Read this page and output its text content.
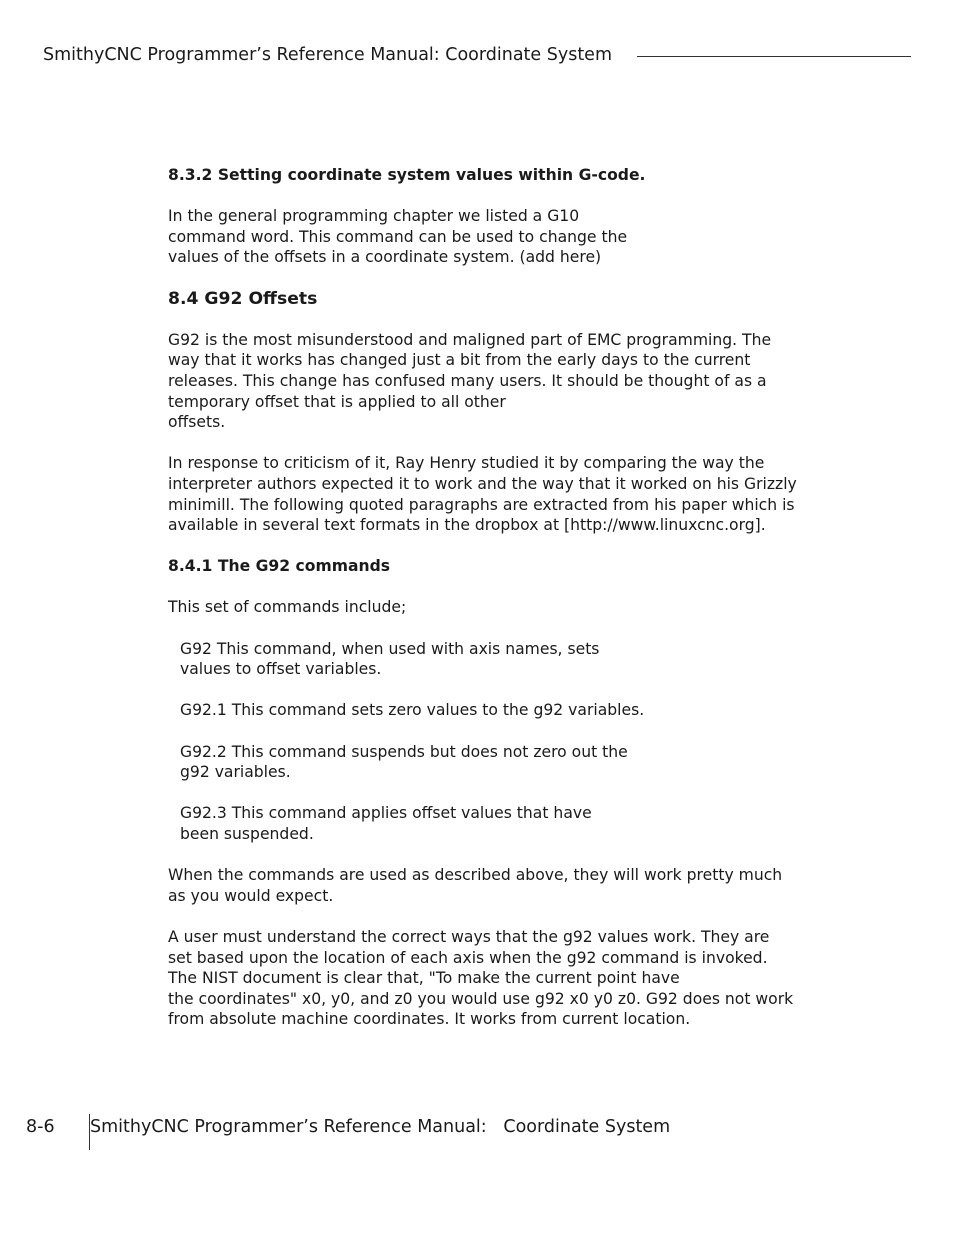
SmithyCNC Programmer’s Reference Manual: Coordinate System
8.3.2 Setting coordinate system values within G-code.

In the general programming chapter we listed a G10
command word. This command can be used to change the
values of the offsets in a coordinate system. (add here)

8.4 G92 Offsets

G92 is the most misunderstood and maligned part of EMC programming. The
way that it works has changed just a bit from the early days to the current
releases. This change has confused many users. It should be thought of as a
temporary offset that is applied to all other
offsets.

In response to criticism of it, Ray Henry studied it by comparing the way the
interpreter authors expected it to work and the way that it worked on his Grizzly
minimill. The following quoted paragraphs are extracted from his paper which is
available in several text formats in the dropbox at [http://www.linuxcnc.org].

8.4.1 The G92 commands

This set of commands include;

G92 This command, when used with axis names, sets
values to offset variables.

G92.1 This command sets zero values to the g92 variables.

G92.2 This command suspends but does not zero out the
g92 variables.

G92.3 This command applies offset values that have
been suspended.

When the commands are used as described above, they will work pretty much
as you would expect.

A user must understand the correct ways that the g92 values work. They are
set based upon the location of each axis when the g92 command is invoked.
The NIST document is clear that, "To make the current point have
the coordinates" x0, y0, and z0 you would use g92 x0 y0 z0. G92 does not work
from absolute machine coordinates. It works from current location.

8-6 SmithyCNC Programmer’s Reference Manual:   Coordinate System
